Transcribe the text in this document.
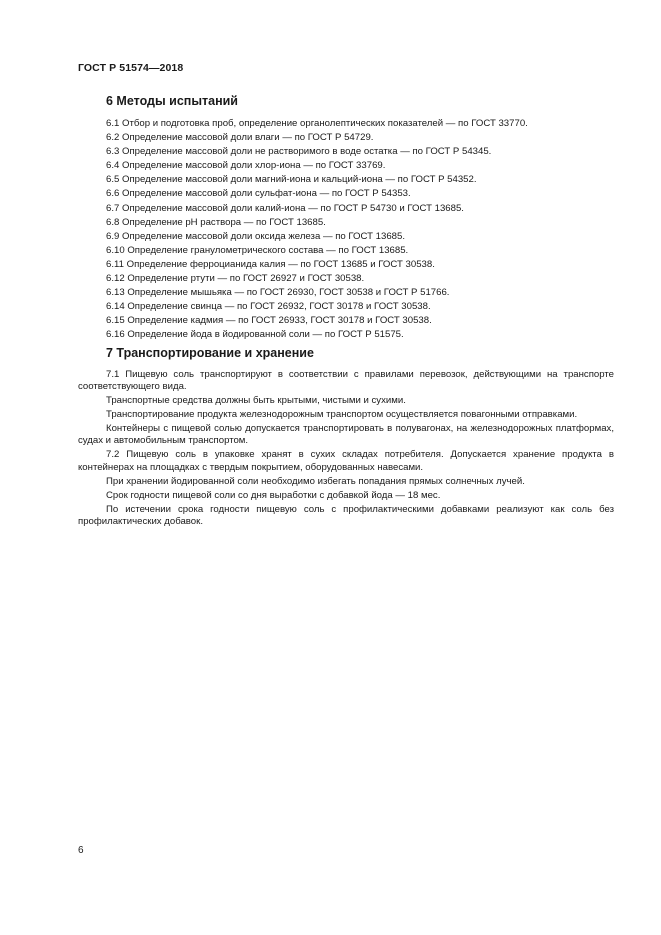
ГОСТ Р 51574—2018
6 Методы испытаний
6.1 Отбор и подготовка проб, определение органолептических показателей — по ГОСТ 33770.
6.2 Определение массовой доли влаги — по ГОСТ Р 54729.
6.3 Определение массовой доли не растворимого в воде остатка — по ГОСТ Р 54345.
6.4 Определение массовой доли хлор-иона — по ГОСТ 33769.
6.5 Определение массовой доли магний-иона и кальций-иона — по ГОСТ Р 54352.
6.6 Определение массовой доли сульфат-иона — по ГОСТ Р 54353.
6.7 Определение массовой доли калий-иона — по ГОСТ Р 54730 и ГОСТ 13685.
6.8 Определение pH раствора — по ГОСТ 13685.
6.9 Определение массовой доли оксида железа — по ГОСТ 13685.
6.10 Определение гранулометрического состава — по ГОСТ 13685.
6.11 Определение ферроцианида калия — по ГОСТ 13685 и ГОСТ 30538.
6.12 Определение ртути — по ГОСТ 26927 и ГОСТ 30538.
6.13 Определение мышьяка — по ГОСТ 26930, ГОСТ 30538 и ГОСТ Р 51766.
6.14 Определение свинца — по ГОСТ 26932, ГОСТ 30178 и ГОСТ 30538.
6.15 Определение кадмия — по ГОСТ 26933, ГОСТ 30178 и ГОСТ 30538.
6.16 Определение йода в йодированной соли — по ГОСТ Р 51575.
7 Транспортирование и хранение

7.1 Пищевую соль транспортируют в соответствии с правилами перевозок, действующими на транспорте соответствующего вида.

Транспортные средства должны быть крытыми, чистыми и сухими.

Транспортирование продукта железнодорожным транспортом осуществляется повагонными отправками.

Контейнеры с пищевой солью допускается транспортировать в полувагонах, на железнодорожных платформах, судах и автомобильным транспортом.

7.2 Пищевую соль в упаковке хранят в сухих складах потребителя. Допускается хранение продукта в контейнерах на площадках с твердым покрытием, оборудованных навесами.

При хранении йодированной соли необходимо избегать попадания прямых солнечных лучей.

Срок годности пищевой соли со дня выработки с добавкой йода — 18 мес.

По истечении срока годности пищевую соль с профилактическими добавками реализуют как соль без профилактических добавок.

6
